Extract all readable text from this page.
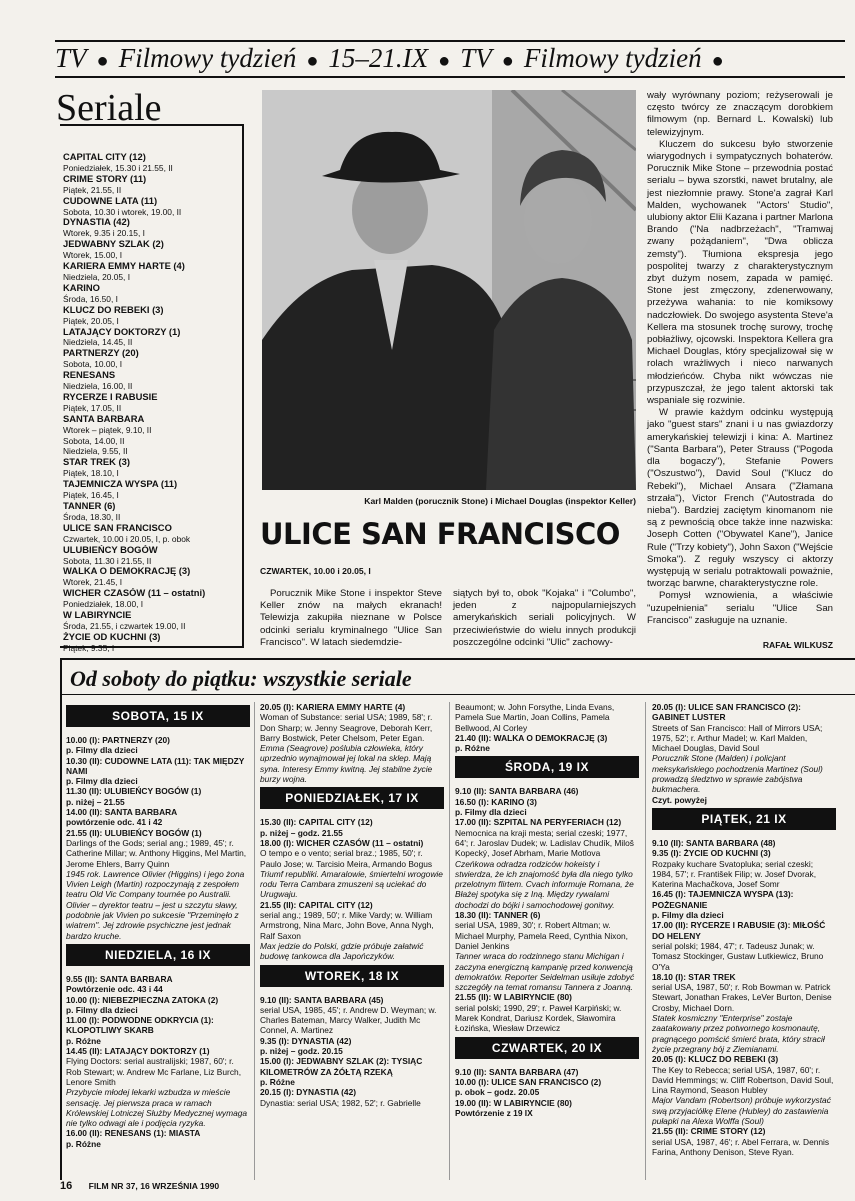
TV ● Filmowy tydzień ● 15–21.IX ● TV ● Filmowy tydzień ●
Seriale
CAPITAL CITY (12)
Poniedziałek, 15.30 i 21.55, II
CRIME STORY (11)
Piątek, 21.55, II
CUDOWNE LATA (11)
Sobota, 10.30 i wtorek, 19.00, II
DYNASTIA (42)
Wtorek, 9.35 i 20.15, I
JEDWABNY SZLAK (2)
Wtorek, 15.00, I
KARIERA EMMY HARTE (4)
Niedziela, 20.05, I
KARINO
Środa, 16.50, I
KLUCZ DO REBEKI (3)
Piątek, 20.05, I
LATAJĄCY DOKTORZY (1)
Niedziela, 14.45, II
PARTNERZY (20)
Sobota, 10.00, I
RENESANS
Niedziela, 16.00, II
RYCERZE I RABUSIE
Piątek, 17.05, II
SANTA BARBARA
Wtorek – piątek, 9.10, II
Sobota, 14.00, II
Niedziela, 9.55, II
STAR TREK (3)
Piątek, 18.10, I
TAJEMNICZA WYSPA (11)
Piątek, 16.45, I
TANNER (6)
Środa, 18.30, II
ULICE SAN FRANCISCO
Czwartek, 10.00 i 20.05, I, p. obok
ULUBIEŃCY BOGÓW
Sobota, 11.30 i 21.55, II
WALKA O DEMOKRACJĘ (3)
Wtorek, 21.45, I
WICHER CZASÓW (11 – ostatni)
Poniedziałek, 18.00, I
W LABIRYNCIE
Środa, 21.55, i czwartek 19.00, II
ŻYCIE OD KUCHNI (3)
Piątek, 9.35, I
Karl Malden (porucznik Stone) i Michael Douglas (inspektor Keller)
ULICE SAN FRANCISCO
CZWARTEK, 10.00 i 20.05, I
Porucznik Mike Stone i inspektor Steve Keller znów na małych ekranach! Telewizja zakupiła nieznane w Polsce odcinki serialu kryminalnego "Ulice San Francisco". W latach siedemdzie-
siątych był to, obok "Kojaka" i "Columbo", jeden z najpopularniejszych amerykańskich seriali policyjnych. W przeciwieństwie do wielu innych produkcji poszczególne odcinki "Ulic" zachowy-

wały wyrównany poziom; reżyserowali je często twórcy ze znaczącym dorobkiem filmowym (np. Bernard L. Kowalski) lub telewizyjnym.

Kluczem do sukcesu było stworzenie wiarygodnych i sympatycznych bohaterów. Porucznik Mike Stone – przewodnia postać serialu – bywa szorstki, nawet brutalny, ale jest niezłomnie prawy. Stone'a zagrał Karl Malden, wychowanek "Actors' Studio", ulubiony aktor Elii Kazana i partner Marlona Brando ("Na nadbrzeżach", "Tramwaj zwany pożądaniem", "Dwa oblicza zemsty"). Tłumiona ekspresja jego pospolitej twarzy z charakterystycznym zbyt dużym nosem, zapada w pamięć. Stone jest zmęczony, zdenerwowany, przeżywa wahania: to nie komiksowy nadczłowiek. Do swojego asystenta Steve'a Kellera ma stosunek trochę surowy, trochę pobłażliwy, ojcowski. Inspektora Kellera gra Michael Douglas, który specjalizował się w rolach wrażliwych i nieco narwanych młodzieńców. Chyba nikt wówczas nie przypuszczał, że jego talent aktorski tak wspaniale się rozwinie.

W prawie każdym odcinku występują jako "guest stars" znani i u nas gwiazdorzy amerykańskiej telewizji i kina: A. Martinez ("Santa Barbara"), Peter Strauss ("Pogoda dla bogaczy"), Stefanie Powers ("Oszustwo"), David Soul ("Klucz do Rebeki"), Michael Ansara ("Złamana strzała"), Victor French ("Autostrada do nieba"). Bardziej zaciętym kinomanom nie są z pewnością obce także inne nazwiska: Joseph Cotten ("Obywatel Kane"), Janice Rule ("Trzy kobiety"), John Saxon ("Wejście Smoka"). Z reguły wszyscy ci aktorzy występują w serialu potraktowali poważnie, tworząc barwne, charakterystyczne role.

Pomysł wznowienia, a właściwie "uzupełnienia" serialu "Ulice San Francisco" zasługuje na uznanie.

RAFAŁ WILKUSZ
Od soboty do piątku: wszystkie seriale
SOBOTA, 15 IX
10.00 (I): PARTNERZY (20)
p. Filmy dla dzieci
10.30 (II): CUDOWNE LATA (11): TAK MIĘDZY NAMI
p. Filmy dla dzieci
11.30 (II): ULUBIEŃCY BOGÓW (1)
p. niżej – 21.55
14.00 (II): SANTA BARBARA
powtórzenie odc. 41 i 42
21.55 (II): ULUBIEŃCY BOGÓW (1)
Darlings of the Gods; serial ang.; 1989, 45'; r. Catherine Millar; w. Anthony Higgins, Mel Martin, Jerome Ehlers, Barry Quinn
1945 rok. Lawrence Olivier (Higgins) i jego żona Vivien Leigh (Martin) rozpoczynają z zespołem teatru Old Vic Company tournée po Australii. Olivier – dyrektor teatru – jest u szczytu sławy, podobnie jak Vivien po sukcesie "Przeminęło z wiatrem". Jej zdrowie psychiczne jest jednak bardzo kruche.
NIEDZIELA, 16 IX
9.55 (II): SANTA BARBARA
Powtórzenie odc. 43 i 44
10.00 (I): NIEBEZPIECZNA ZATOKA (2)
p. Filmy dla dzieci
11.00 (I): PODWODNE ODKRYCIA (1): KLOPOTLIWY SKARB
p. Różne
14.45 (II): LATAJĄCY DOKTORZY (1)
Flying Doctors: serial australijski; 1987, 60'; r. Rob Stewart; w. Andrew Mc Farlane, Liz Burch, Lenore Smith
Przybycie młodej lekarki wzbudza w mieście sensację. Jej pierwsza praca w ramach Królewskiej Lotniczej Służby Medycznej wymaga nie tylko odwagi ale i podjęcia ryzyka.
16.00 (II): RENESANS (1): MIASTA
p. Różne
20.05 (I): KARIERA EMMY HARTE (4)
Woman of Substance: serial USA; 1989, 58'; r. Don Sharp; w. Jenny Seagrove, Deborah Kerr, Barry Bostwick, Peter Chelsom, Peter Egan.
Emma (Seagrove) poślubia człowieka, który uprzednio wynajmował jej lokal na sklep. Mają syna. Interesy Emmy kwitną. Jej stabilne życie burzy wojna.
PONIEDZIAŁEK, 17 IX
15.30 (II): CAPITAL CITY (12)
p. niżej – godz. 21.55
18.00 (I): WICHER CZASÓW (11 – ostatni)
O tempo e o vento; serial braz.; 1985, 50'; r. Paulo Jose; w. Tarcisio Meira, Armando Bogus
Triumf republiki. Amaralowie, śmiertelni wrogowie rodu Terra Cambara zmuszeni są uciekać do Urugwaju.
21.55 (II): CAPITAL CITY (12)
serial ang.; 1989, 50'; r. Mike Vardy; w. William Armstrong, Nina Marc, John Bove, Anna Nygh, Ralf Saxon
Max jedzie do Polski, gdzie próbuje załatwić budowę tankowca dla Japończyków.
WTOREK, 18 IX
9.10 (II): SANTA BARBARA (45)
serial USA, 1985, 45'; r. Andrew D. Weyman; w. Charles Bateman, Marcy Walker, Judith Mc Connel, A. Martinez
9.35 (I): DYNASTIA (42)
p. niżej – godz. 20.15
15.00 (I): JEDWABNY SZLAK (2): TYSIĄC KILOMETRÓW ZA ŻÓŁTĄ RZEKĄ
p. Różne
20.15 (I): DYNASTIA (42)
Dynastia: serial USA; 1982, 52'; r. Gabrielle
Beaumont; w. John Forsythe, Linda Evans, Pamela Sue Martin, Joan Collins, Pamela Bellwood, Al Corley
21.40 (II): WALKA O DEMOKRACJĘ (3)
p. Różne
ŚRODA, 19 IX
9.10 (II): SANTA BARBARA (46)
16.50 (I): KARINO (3)
p. Filmy dla dzieci
17.00 (II): SZPITAL NA PERYFERIACH (12)
Nemocnica na kraji mesta; serial czeski; 1977, 64'; r. Jaroslav Dudek; w. Ladislav Chudík, Miloš Kopecký, Josef Abrham, Marie Motlova
Czeńkowa odradza rodziców hokeisty i stwierdza, że ich znajomość była dla niego tylko przelotnym flirtem. Cvach informuje Romana, że Błażej spotyka się z Iną. Między rywalami dochodzi do bójki i samochodowej gonitwy.
18.30 (II): TANNER (6)
serial USA, 1989, 30'; r. Robert Altman; w. Michael Murphy, Pamela Reed, Cynthia Nixon, Daniel Jenkins
Tanner wraca do rodzinnego stanu Michigan i zaczyna energiczną kampanię przed konwencją demokratów. Reporter Seidelman usiłuje zdobyć szczegóły na temat romansu Tannera z Joanną.
21.55 (II): W LABIRYNCIE (80)
serial polski; 1990, 29'; r. Paweł Karpiński; w. Marek Kondrat, Dariusz Kordek, Sławomira Łozińska, Wiesław Drzewicz
CZWARTEK, 20 IX
9.10 (II): SANTA BARBARA (47)
10.00 (I): ULICE SAN FRANCISCO (2)
p. obok – godz. 20.05
19.00 (II): W LABIRYNCIE (80)
Powtórzenie z 19 IX
20.05 (I): ULICE SAN FRANCISCO (2): GABINET LUSTER
Streets of San Francisco: Hall of Mirrors USA; 1975, 52'; r. Arthur Madel; w. Karl Malden, Michael Douglas, David Soul
Porucznik Stone (Malden) i policjant meksykańskiego pochodzenia Martinez (Soul) prowadzą śledztwo w sprawie zabójstwa bukmachera.
Czyt. powyżej
PIĄTEK, 21 IX
9.10 (II): SANTA BARBARA (48)
9.35 (I): ŻYCIE OD KUCHNI (3)
Rozpaky kuchare Svatopluka; serial czeski; 1984, 57'; r. František Filip; w. Josef Dvorak, Katerina Machačkova, Josef Somr
16.45 (I): TAJEMNICZA WYSPA (13): POŻEGNANIE
p. Filmy dla dzieci
17.00 (II): RYCERZE I RABUSIE (3): MIŁOŚĆ DO HELENY
serial polski; 1984, 47'; r. Tadeusz Junak; w. Tomasz Stockinger, Gustaw Lutkiewicz, Bruno O'Ya
18.10 (I): STAR TREK
serial USA, 1987, 50'; r. Rob Bowman w. Patrick Stewart, Jonathan Frakes, LeVer Burton, Denise Crosby, Michael Dorn.
Statek kosmiczny "Enterprise" zostaje zaatakowany przez potwornego kosmonautę, pragnącego pomścić śmierć brata, który stracił życie przegrany bój z Ziemianami.
20.05 (I): KLUCZ DO REBEKI (3)
The Key to Rebecca; serial USA, 1987, 60'; r. David Hemmings; w. Cliff Robertson, David Soul, Lina Raymond, Season Hubley
Major Vandam (Robertson) próbuje wykorzystać swą przyjaciółkę Elene (Hubley) do zastawienia pułapki na Alexa Wolffa (Soul)
21.55 (II): CRIME STORY (12)
serial USA, 1987, 46'; r. Abel Ferrara, w. Dennis Farina, Anthony Denison, Steve Ryan.
16 FILM NR 37, 16 WRZEŚNIA 1990
